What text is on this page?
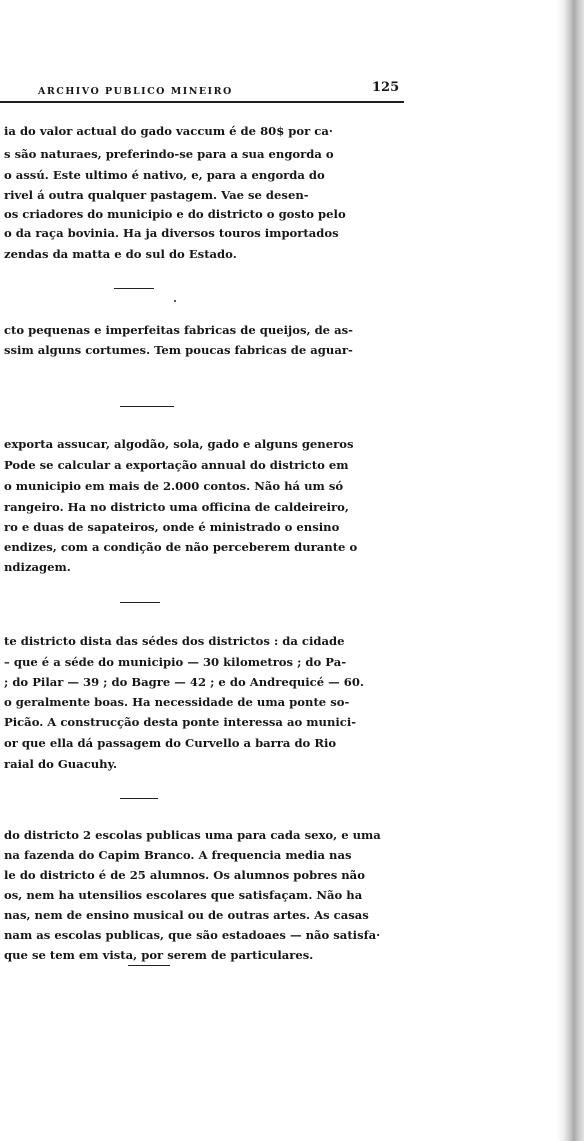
ARCHIVO PUBLICO MINEIRO	125
ia do valor actual do gado vaccum é de 80$ por ca·
s são naturaes, preferindo-se para a sua engorda o
o assú. Este ultimo é nativo, e, para a engorda do
rivel á outra qualquer pastagem. Vae se desen-
os criadores do municipio e do districto o gosto pelo
o da raça bovinia. Ha ja diversos touros importados
zendas da matta e do sul do Estado.
cto pequenas e imperfeitas fabricas de queijos, de as-
ssim alguns cortumes. Tem poucas fabricas de aguar-
exporta assucar, algodão, sola, gado e alguns generos
Pode se calcular a exportação annual do districto em
o municipio em mais de 2.000 contos. Não há um só
rangeiro. Ha no districto uma officina de caldeireiro,
ro e duas de sapateiros, onde é ministrado o ensino
endizes, com a condição de não perceberem durante o
ndizagem.
te districto dista das sédes dos districtos : da cidade
– que é a séde do municipio — 30 kilometros ; do Pa-
; do Pilar — 39 ; do Bagre — 42 ; e do Andrequicé — 60.
o geralmente boas. Ha necessidade de uma ponte so-
Picão. A construcção desta ponte interessa ao munici-
or que ella dá passagem do Curvello a barra do Rio
raial do Guacuhy.
do districto 2 escolas publicas uma para cada sexo, e uma
na fazenda do Capim Branco. A frequencia media nas
le do districto é de 25 alumnos. Os alumnos pobres não
os, nem ha utensilios escolares que satisfaçam. Não ha
nas, nem de ensino musical ou de outras artes. As casas
nam as escolas publicas, que são estadoaes — não satisfa·
que se tem em vista, por serem de particulares.
